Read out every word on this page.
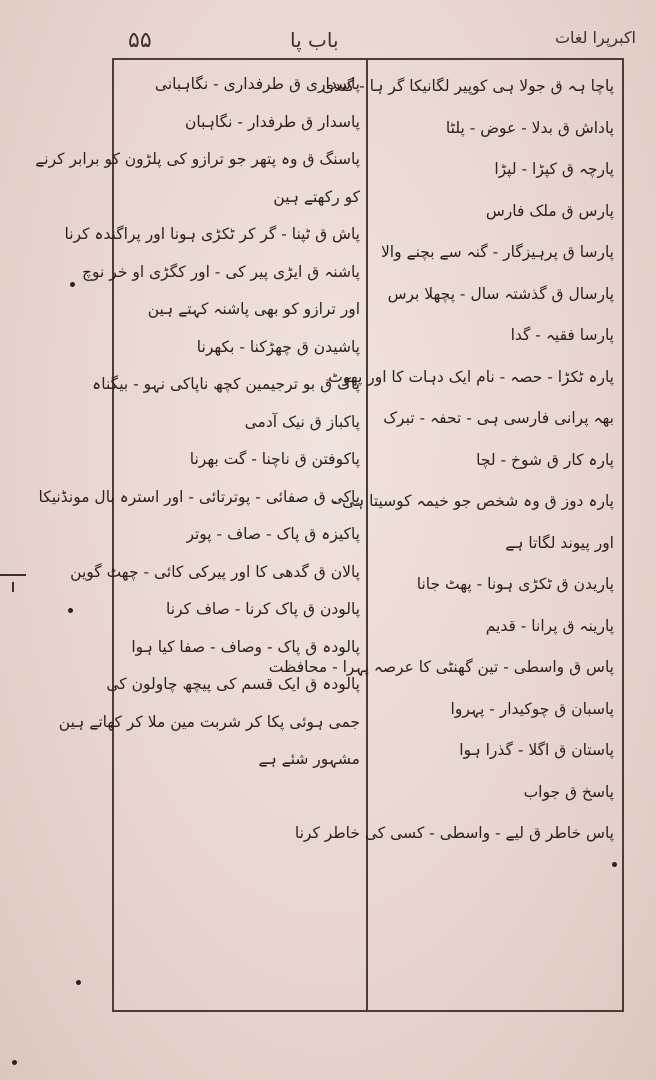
۵۵	باب پا	اکبرپرا لغات
پاچا ہہ ق جولا ہی کوپیر لگانیکا گر ہا - گندی
پاداش ق بدلا - عوض - پلٹا
پارچہ ق کپڑا - لپڑا
پارس ق ملک فارس
پارسا ق پرہیزگار - گنہ سے بچنے والا
پارسال ق گذشتہ سال - پچھلا برس
پارسا فقیہ - گدا
پارہ ٹکڑا - حصہ - نام ایک دہات کا اور پھوٹ
بھہ پرانی فارسی ہی - تحفہ - تبرک
پارہ کار ق شوخ - لچا
پارہ دوز ق وہ شخص جو خیمہ کوسیتا ہی -
اور پیوند لگاتا ہے
پاریدن ق ٹکڑی ہونا - پھٹ جانا
پارینہ ق پرانا - قدیم
پاس ق واسطی - تین گھنٹی کا عرصہ پہرا - محافظت
پاسبان ق چوکیدار - پہروا
پاستان ق اگلا - گذرا ہوا
پاسخ ق جواب
پاس خاطر ق لیے - واسطی - کسی کی خاطر کرنا
پاسداری ق طرفداری - نگاہبانی
پاسدار ق طرفدار - نگاہبان
پاسنگ ق وہ پتھر جو ترازو کی پلڑون کو برابر کرنے
کو رکھتے ہین
پاش ق ٹپنا - گر کر ٹکڑی ہونا اور پراگندہ کرنا
پاشنہ ق ایڑی پیر کی - اور کگڑی او خر نوچ
اور ترازو کو بھی پاشنہ کہتے ہین
پاشیدن ق چھڑکنا - بکھرنا
پاک ق بو ترجیمین کچھ ناپاکی نہو - بیگناہ
پاکباز ق نیک آدمی
پاکوفتن ق ناچنا - گت بھرنا
پاکی ق صفائی - پوترتائی - اور استرہ بال مونڈنیکا
پاکیزہ ق پاک - صاف - پوتر
پالان ق گدھی کا اور پیرکی کائی - چھٹ گوین
پالودن ق پاک کرنا - صاف کرنا
پالودہ ق پاک - وصاف - صفا کیا ہوا
پالودہ ق ایک قسم کی پیچھ چاولون کی
جمی ہوئی پکا کر شربت مین ملا کر کھاتے ہین
مشہور شئے ہے
